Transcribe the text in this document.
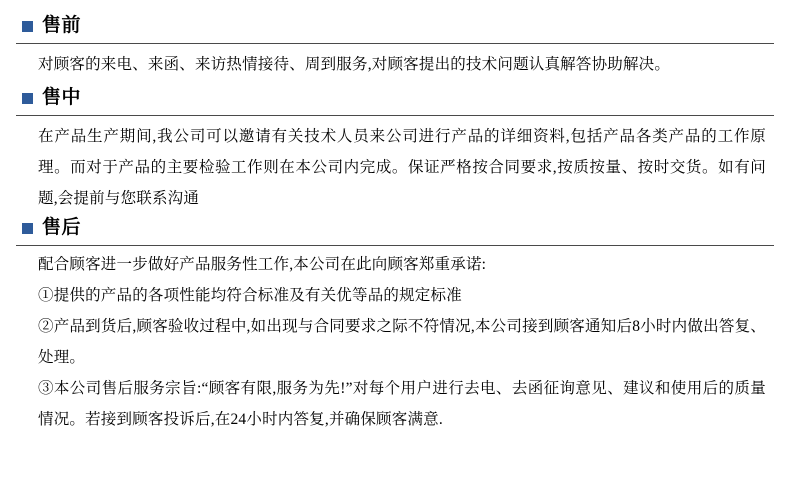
售前

对顾客的来电、来函、来访热情接待、周到服务,对顾客提出的技术问题认真解答协助解决。

售中

在产品生产期间,我公司可以邀请有关技术人员来公司进行产品的详细资料,包括产品各类产品的工作原理。而对于产品的主要检验工作则在本公司内完成。保证严格按合同要求,按质按量、按时交货。如有问题,会提前与您联系沟通

售后

配合顾客进一步做好产品服务性工作,本公司在此向顾客郑重承诺:

①提供的产品的各项性能均符合标准及有关优等品的规定标准

②产品到货后,顾客验收过程中,如出现与合同要求之际不符情况,本公司接到顾客通知后8小时内做出答复、处理。

③本公司售后服务宗旨:“顾客有限,服务为先!”对每个用户进行去电、去函征询意见、建议和使用后的质量情况。若接到顾客投诉后,在24小时内答复,并确保顾客满意.
